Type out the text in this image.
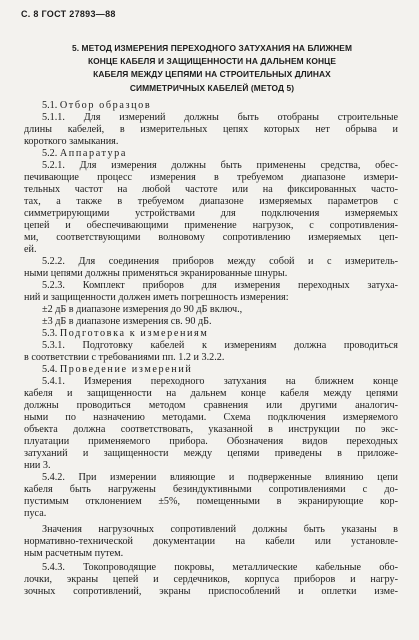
С. 8 ГОСТ 27893—88
5. МЕТОД ИЗМЕРЕНИЯ ПЕРЕХОДНОГО ЗАТУХАНИЯ НА БЛИЖНЕМ
КОНЦЕ КАБЕЛЯ И ЗАЩИЩЕННОСТИ НА ДАЛЬНЕМ КОНЦЕ
КАБЕЛЯ МЕЖДУ ЦЕПЯМИ НА СТРОИТЕЛЬНЫХ ДЛИНАХ
СИММЕТРИЧНЫХ КАБЕЛЕЙ (МЕТОД 5)
5.1. Отбор образцов
5.1.1. Для измерений должны быть отобраны строительные
длины кабелей, в измерительных цепях которых нет обрыва и
короткого замыкания.
5.2. Аппаратура
5.2.1. Для измерения должны быть применены средства, обес-
печивающие процесс измерения в требуемом диапазоне измери-
тельных частот на любой частоте или на фиксированных часто-
тах, а также в требуемом диапазоне измеряемых параметров с
симметрирующими устройствами для подключения измеряемых
цепей и обеспечивающими применение нагрузок, с сопротивления-
ми, соответствующими волновому сопротивлению измеряемых цеп-
ей.
5.2.2. Для соединения приборов между собой и с измеритель-
ными цепями должны применяться экранированные шнуры.
5.2.3. Комплект приборов для измерения переходных затуха-
ний и защищенности должен иметь погрешность измерения:
±2 дБ в диапазоне измерения до 90 дБ включ.,
±3 дБ в диапазоне измерения св. 90 дБ.
5.3. Подготовка к измерениям
5.3.1. Подготовку кабелей к измерениям должна проводиться
в соответствии с требованиями пп. 1.2 и 3.2.2.
5.4. Проведение измерений
5.4.1. Измерения переходного затухания на ближнем конце
кабеля и защищенности на дальнем конце кабеля между цепями
должны проводиться методом сравнения или другими аналогич-
ными по назначению методами. Схема подключения измеряемого
объекта должна соответствовать, указанной в инструкции по экс-
плуатации применяемого прибора. Обозначения видов переходных
затуханий и защищенности между цепями приведены в приложе-
нии 3.
5.4.2. При измерении влияющие и подверженные влиянию цепи
кабеля быть нагружены безиндуктивными сопротивлениями с до-
пустимым отклонением ±5%, помещенными в экранирующие кор-
пуса.
Значения нагрузочных сопротивлений должны быть указаны в
нормативно-технической документации на кабели или установле-
ным расчетным путем.
5.4.3. Токопроводящие покровы, металлические кабельные обо-
лочки, экраны цепей и сердечников, корпуса приборов и нагру-
зочных сопротивлений, экраны приспособлений и оплетки изме-
